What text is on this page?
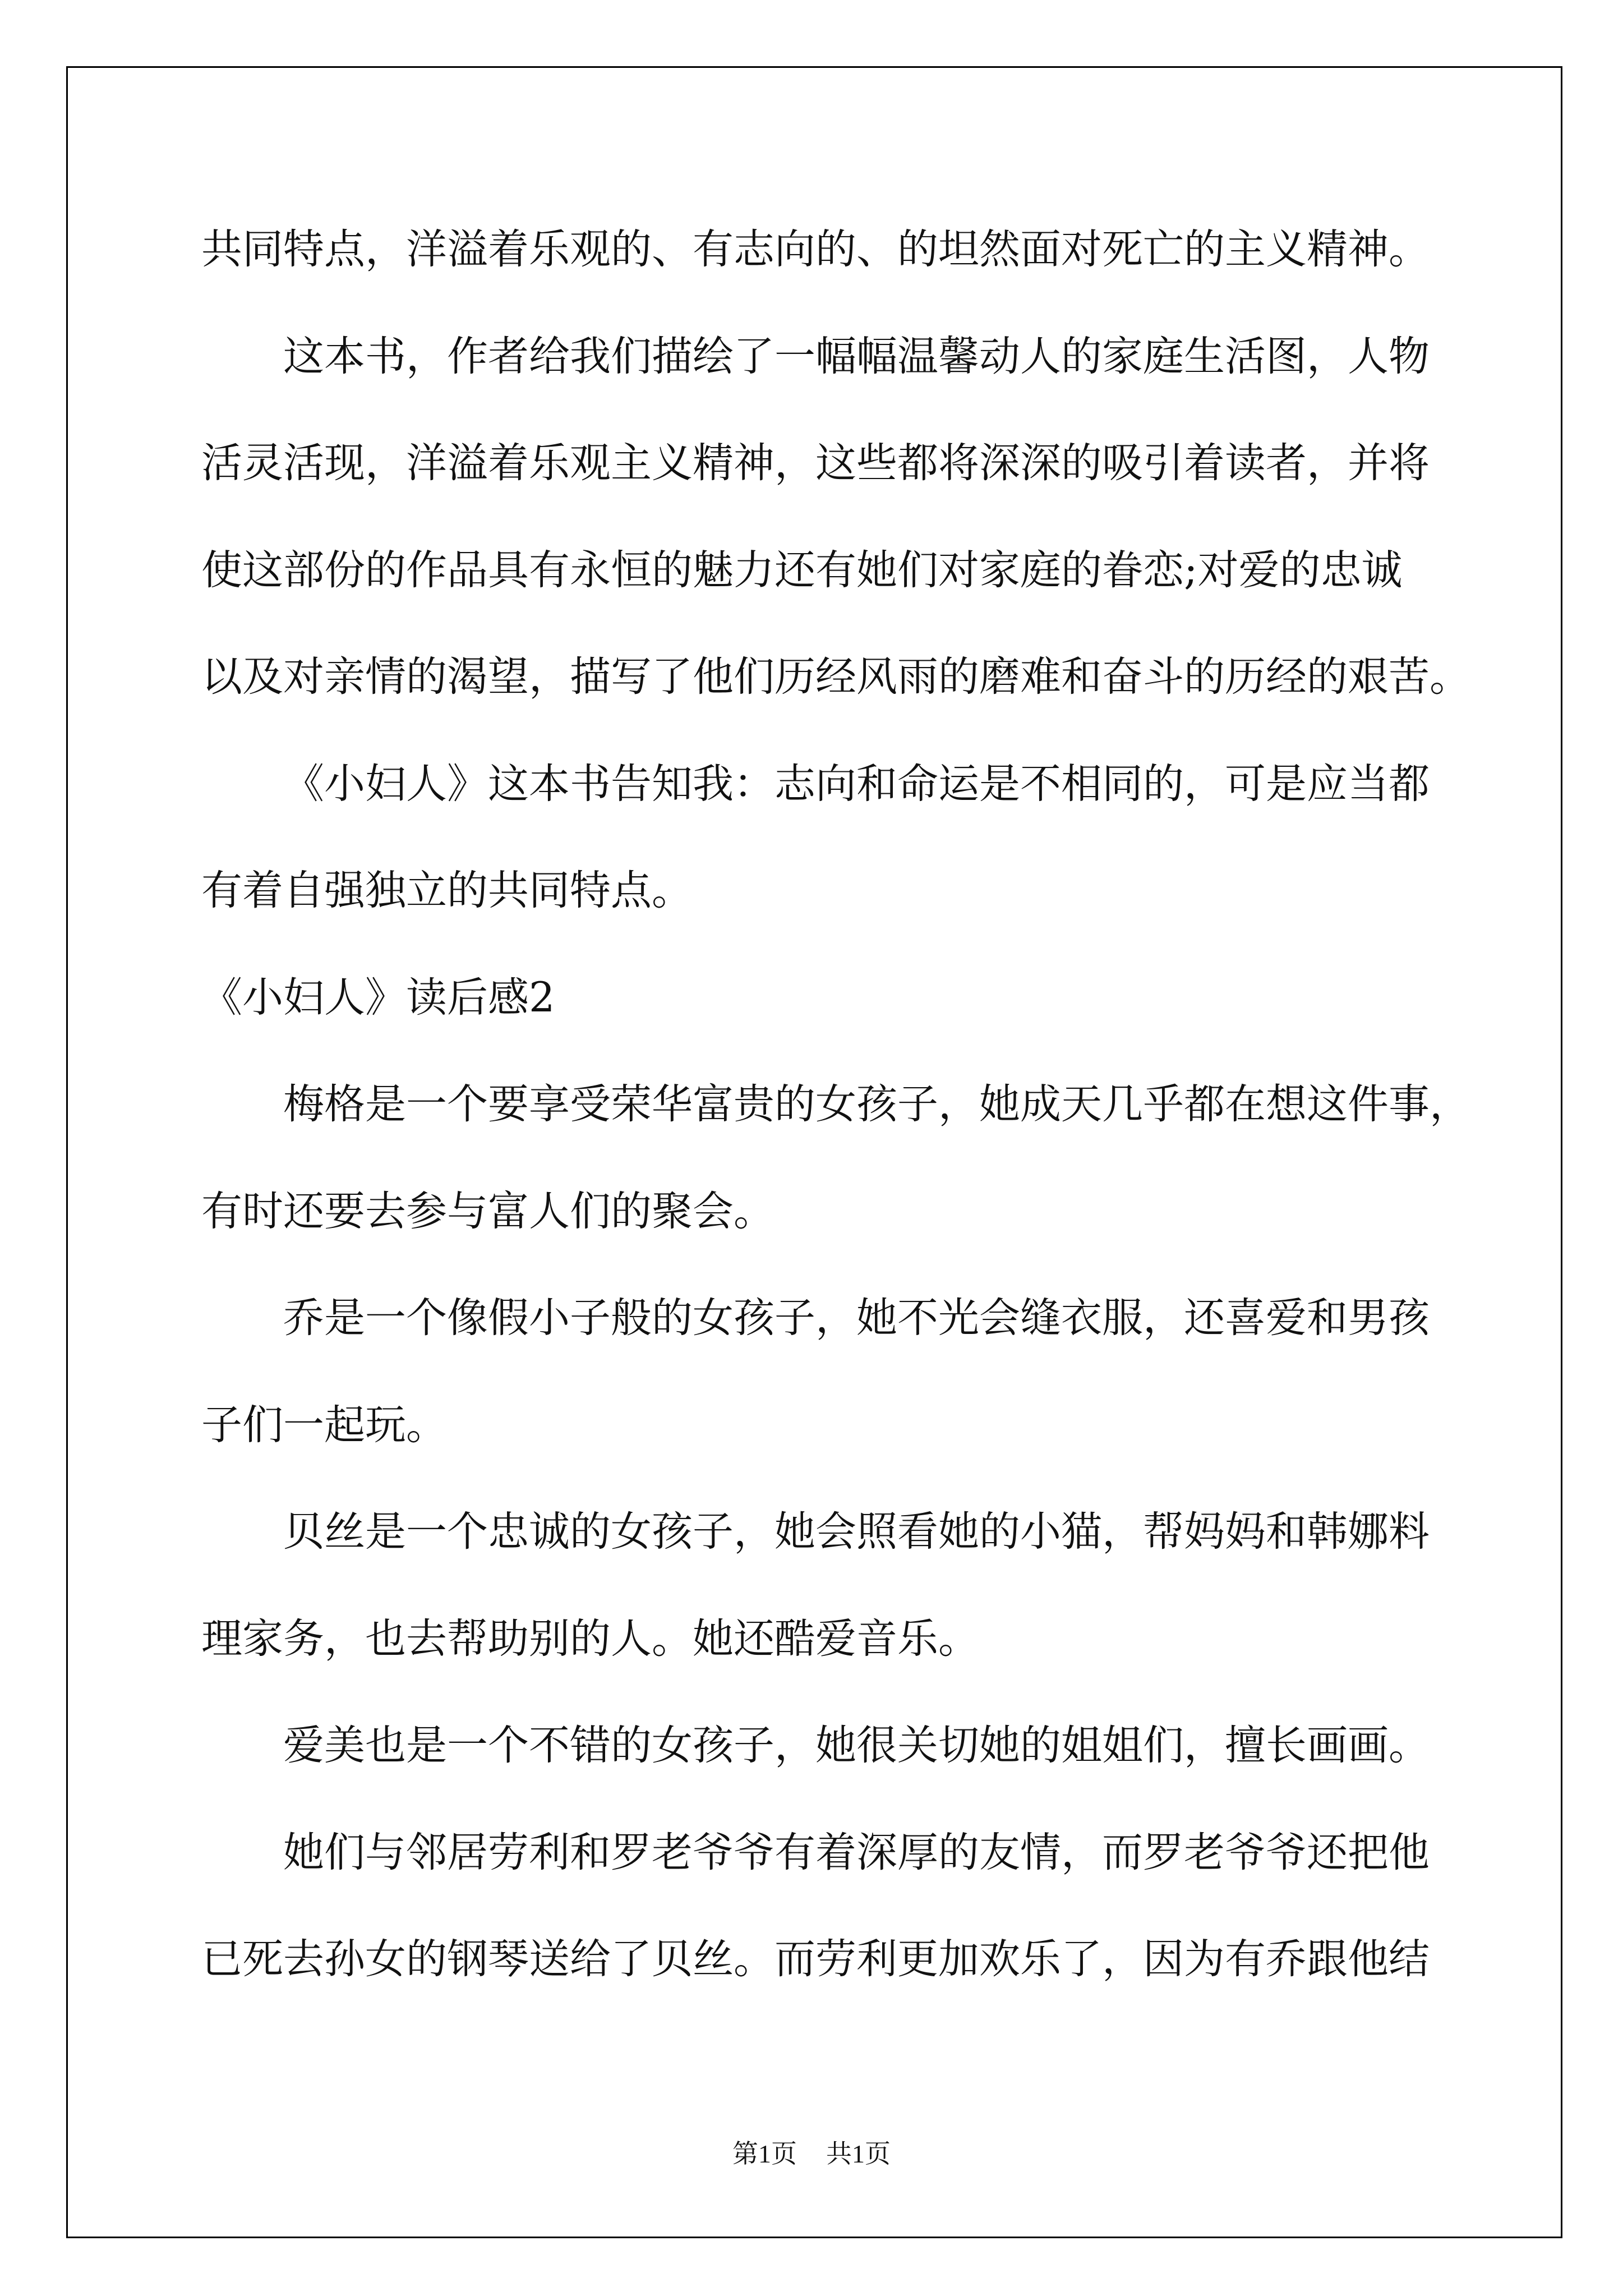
共同特点，洋溢着乐观的、有志向的、的坦然面对死亡的主义精神。
这本书，作者给我们描绘了一幅幅温馨动人的家庭生活图，人物
活灵活现，洋溢着乐观主义精神，这些都将深深的吸引着读者，并将
使这部份的作品具有永恒的魅力还有她们对家庭的眷恋;对爱的忠诚
以及对亲情的渴望，描写了他们历经风雨的磨难和奋斗的历经的艰苦。
《小妇人》这本书告知我：志向和命运是不相同的，可是应当都
有着自强独立的共同特点。
《小妇人》读后感2
梅格是一个要享受荣华富贵的女孩子，她成天几乎都在想这件事，
有时还要去参与富人们的聚会。
乔是一个像假小子般的女孩子，她不光会缝衣服，还喜爱和男孩
子们一起玩。
贝丝是一个忠诚的女孩子，她会照看她的小猫，帮妈妈和韩娜料
理家务，也去帮助别的人。她还酷爱音乐。
爱美也是一个不错的女孩子，她很关切她的姐姐们，擅长画画。
她们与邻居劳利和罗老爷爷有着深厚的友情，而罗老爷爷还把他
已死去孙女的钢琴送给了贝丝。而劳利更加欢乐了，因为有乔跟他结
第1页 共1页
